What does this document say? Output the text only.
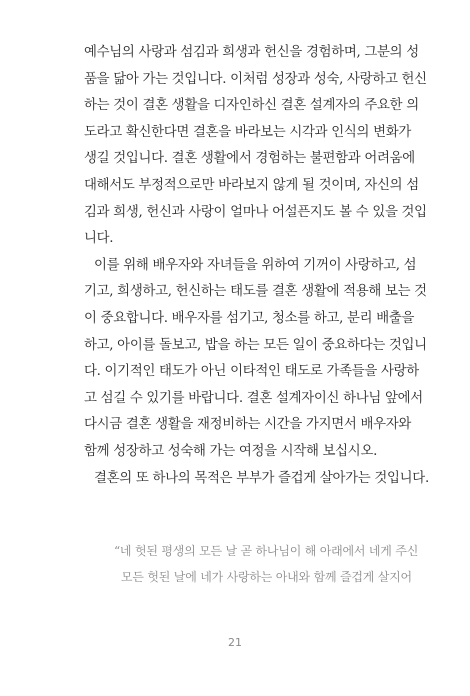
예수님의 사랑과 섬김과 희생과 헌신을 경험하며, 그분의 성
품을 닮아 가는 것입니다. 이처럼 성장과 성숙, 사랑하고 헌신
하는 것이 결혼 생활을 디자인하신 결혼 설계자의 주요한 의
도라고 확신한다면 결혼을 바라보는 시각과 인식의 변화가
생길 것입니다. 결혼 생활에서 경험하는 불편함과 어려움에
대해서도 부정적으로만 바라보지 않게 될 것이며, 자신의 섬
김과 희생, 헌신과 사랑이 얼마나 어설픈지도 볼 수 있을 것입
니다.
이를 위해 배우자와 자녀들을 위하여 기꺼이 사랑하고, 섬
기고, 희생하고, 헌신하는 태도를 결혼 생활에 적용해 보는 것
이 중요합니다. 배우자를 섬기고, 청소를 하고, 분리 배출을
하고, 아이를 돌보고, 밥을 하는 모든 일이 중요하다는 것입니
다. 이기적인 태도가 아닌 이타적인 태도로 가족들을 사랑하
고 섬길 수 있기를 바랍니다. 결혼 설계자이신 하나님 앞에서
다시금 결혼 생활을 재정비하는 시간을 가지면서 배우자와
함께 성장하고 성숙해 가는 여정을 시작해 보십시오.
결혼의 또 하나의 목적은 부부가 즐겁게 살아가는 것입니다.
“네 헛된 평생의 모든 날 곧 하나님이 해 아래에서 네게 주신
모든 헛된 날에 네가 사랑하는 아내와 함께 즐겁게 살지어
21
